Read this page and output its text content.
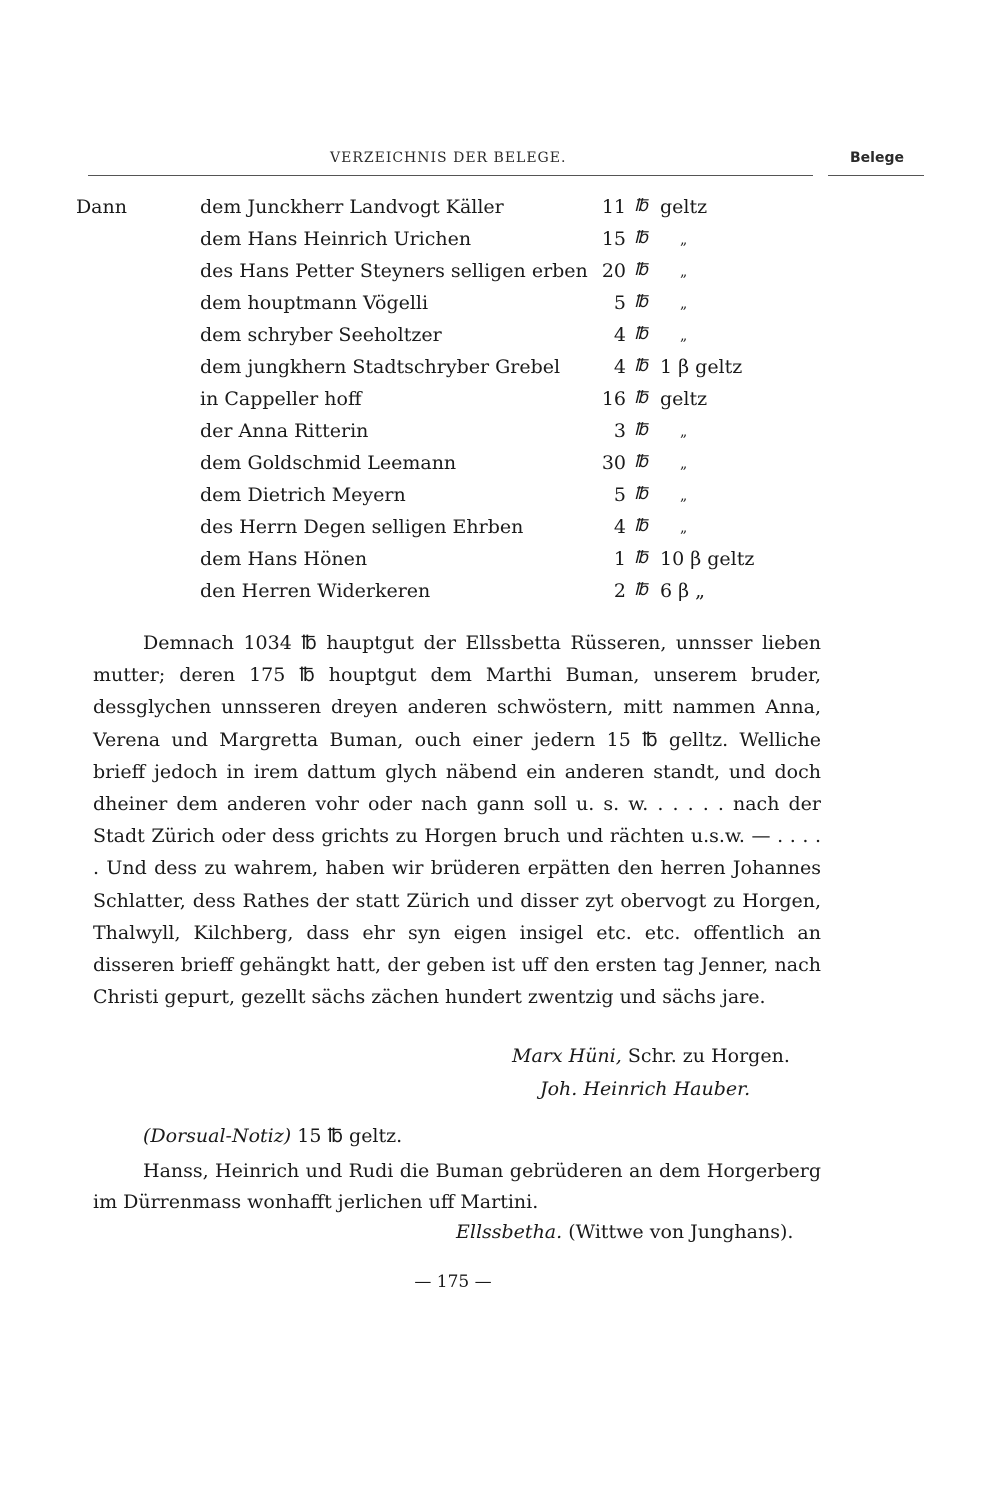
VERZEICHNIS DER BELEGE.	Belege
Dann	dem Junckherr Landvogt Käller	11 ℔ geltz
dem Hans Heinrich Urichen	15 ℔ „
des Hans Petter Steyners selligen erben 20 ℔ „
dem houptmann Vögelli	5 ℔ „
dem schryber Seeholtzer	4 ℔ „
dem jungkhern Stadtschryber Grebel	4 ℔ 1 β geltz
in Cappeller hoff	16 ℔ geltz
der Anna Ritterin	3 ℔ „
dem Goldschmid Leemann	30 ℔ „
dem Dietrich Meyern	5 ℔ „
des Herrn Degen selligen Ehrben	4 ℔ „
dem Hans Hönen	1 ℔ 10 β geltz
den Herren Widerkeren	2 ℔ 6 β „

Demnach 1034 ℔ hauptgut der Ellssbetta Rüsseren, unnsser lieben mutter; deren 175 ℔ houptgut dem Marthi Buman, unserem bruder, dessglychen unnsseren dreyen anderen schwöstern, mitt nammen Anna, Verena und Margretta Buman, ouch einer jedern 15 ℔ gelltz. Welliche brieff jedoch in irem dattum glych näbend ein anderen standt, und doch dheiner dem anderen vohr oder nach gann soll u. s. w. . . . . . nach der Stadt Zürich oder dess grichts zu Horgen bruch und rächten u.s.w. — . . . . . Und dess zu wahrem, haben wir brüderen erpätten den herren Johannes Schlatter, dess Rathes der statt Zürich und disser zyt obervogt zu Horgen, Thalwyll, Kilchberg, dass ehr syn eigen insigel etc. etc. offentlich an disseren brieff gehängkt hatt, der geben ist uff den ersten tag Jenner, nach Christi gepurt, gezellt sächs zächen hundert zwentzig und sächs jare.

Marx Hüni, Schr. zu Horgen.
Joh. Heinrich Hauber.
(Dorsual-Notiz) 15 ℔ geltz.

Hanss, Heinrich und Rudi die Buman gebrüderen an dem Horgerberg im Dürrenmass wonhafft jerlichen uff Martini.

Ellssbetha. (Wittwe von Junghans).
— 175 —
